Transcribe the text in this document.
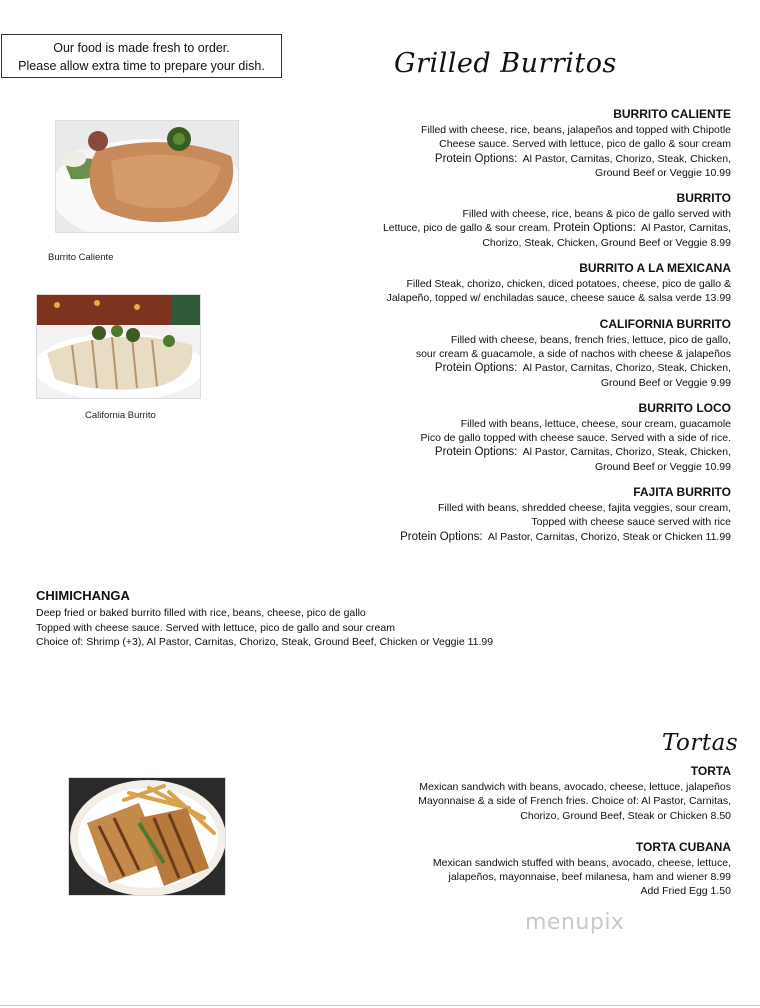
Our food is made fresh to order.
Please allow extra time to prepare your dish.	Grilled Burritos
Burrito Caliente
California Burrito
BURRITO CALIENTE
Filled with cheese, rice, beans, jalapeños and topped with Chipotle
Cheese sauce. Served with lettuce, pico de gallo & sour cream
Protein Options: Al Pastor, Carnitas, Chorizo, Steak, Chicken,
Ground Beef or Veggie 10.99
BURRITO
Filled with cheese, rice, beans & pico de gallo served with
Lettuce, pico de gallo & sour cream. Protein Options: Al Pastor, Carnitas,
Chorizo, Steak, Chicken, Ground Beef or Veggie 8.99
BURRITO A LA MEXICANA
Filled Steak, chorizo, chicken, diced potatoes, cheese, pico de gallo &
Jalapeño, topped w/ enchiladas sauce, cheese sauce & salsa verde 13.99
CALIFORNIA BURRITO
Filled with cheese, beans, french fries, lettuce, pico de gallo,
sour cream & guacamole, a side of nachos with cheese & jalapeños
Protein Options: Al Pastor, Carnitas, Chorizo, Steak, Chicken,
Ground Beef or Veggie 9.99
BURRITO LOCO
Filled with beans, lettuce, cheese, sour cream, guacamole
Pico de gallo topped with cheese sauce. Served with a side of rice.
Protein Options: Al Pastor, Carnitas, Chorizo, Steak, Chicken,
Ground Beef or Veggie 10.99
FAJITA BURRITO
Filled with beans, shredded cheese, fajita veggies, sour cream,
Topped with cheese sauce served with rice
Protein Options: Al Pastor, Carnitas, Chorizo, Steak or Chicken 11.99
CHIMICHANGA
Deep fried or baked burrito filled with rice, beans, cheese, pico de gallo
Topped with cheese sauce. Served with lettuce, pico de gallo and sour cream
Choice of: Shrimp (+3), Al Pastor, Carnitas, Chorizo, Steak, Ground Beef, Chicken or Veggie 11.99
Tortas
TORTA
Mexican sandwich with beans, avocado, cheese, lettuce, jalapeños
Mayonnaise & a side of French fries. Choice of: Al Pastor, Carnitas,
Chorizo, Ground Beef, Steak or Chicken 8.50
TORTA CUBANA
Mexican sandwich stuffed with beans, avocado, cheese, lettuce,
jalapeños, mayonnaise, beef milanesa, ham and wiener 8.99
Add Fried Egg 1.50
menupix
